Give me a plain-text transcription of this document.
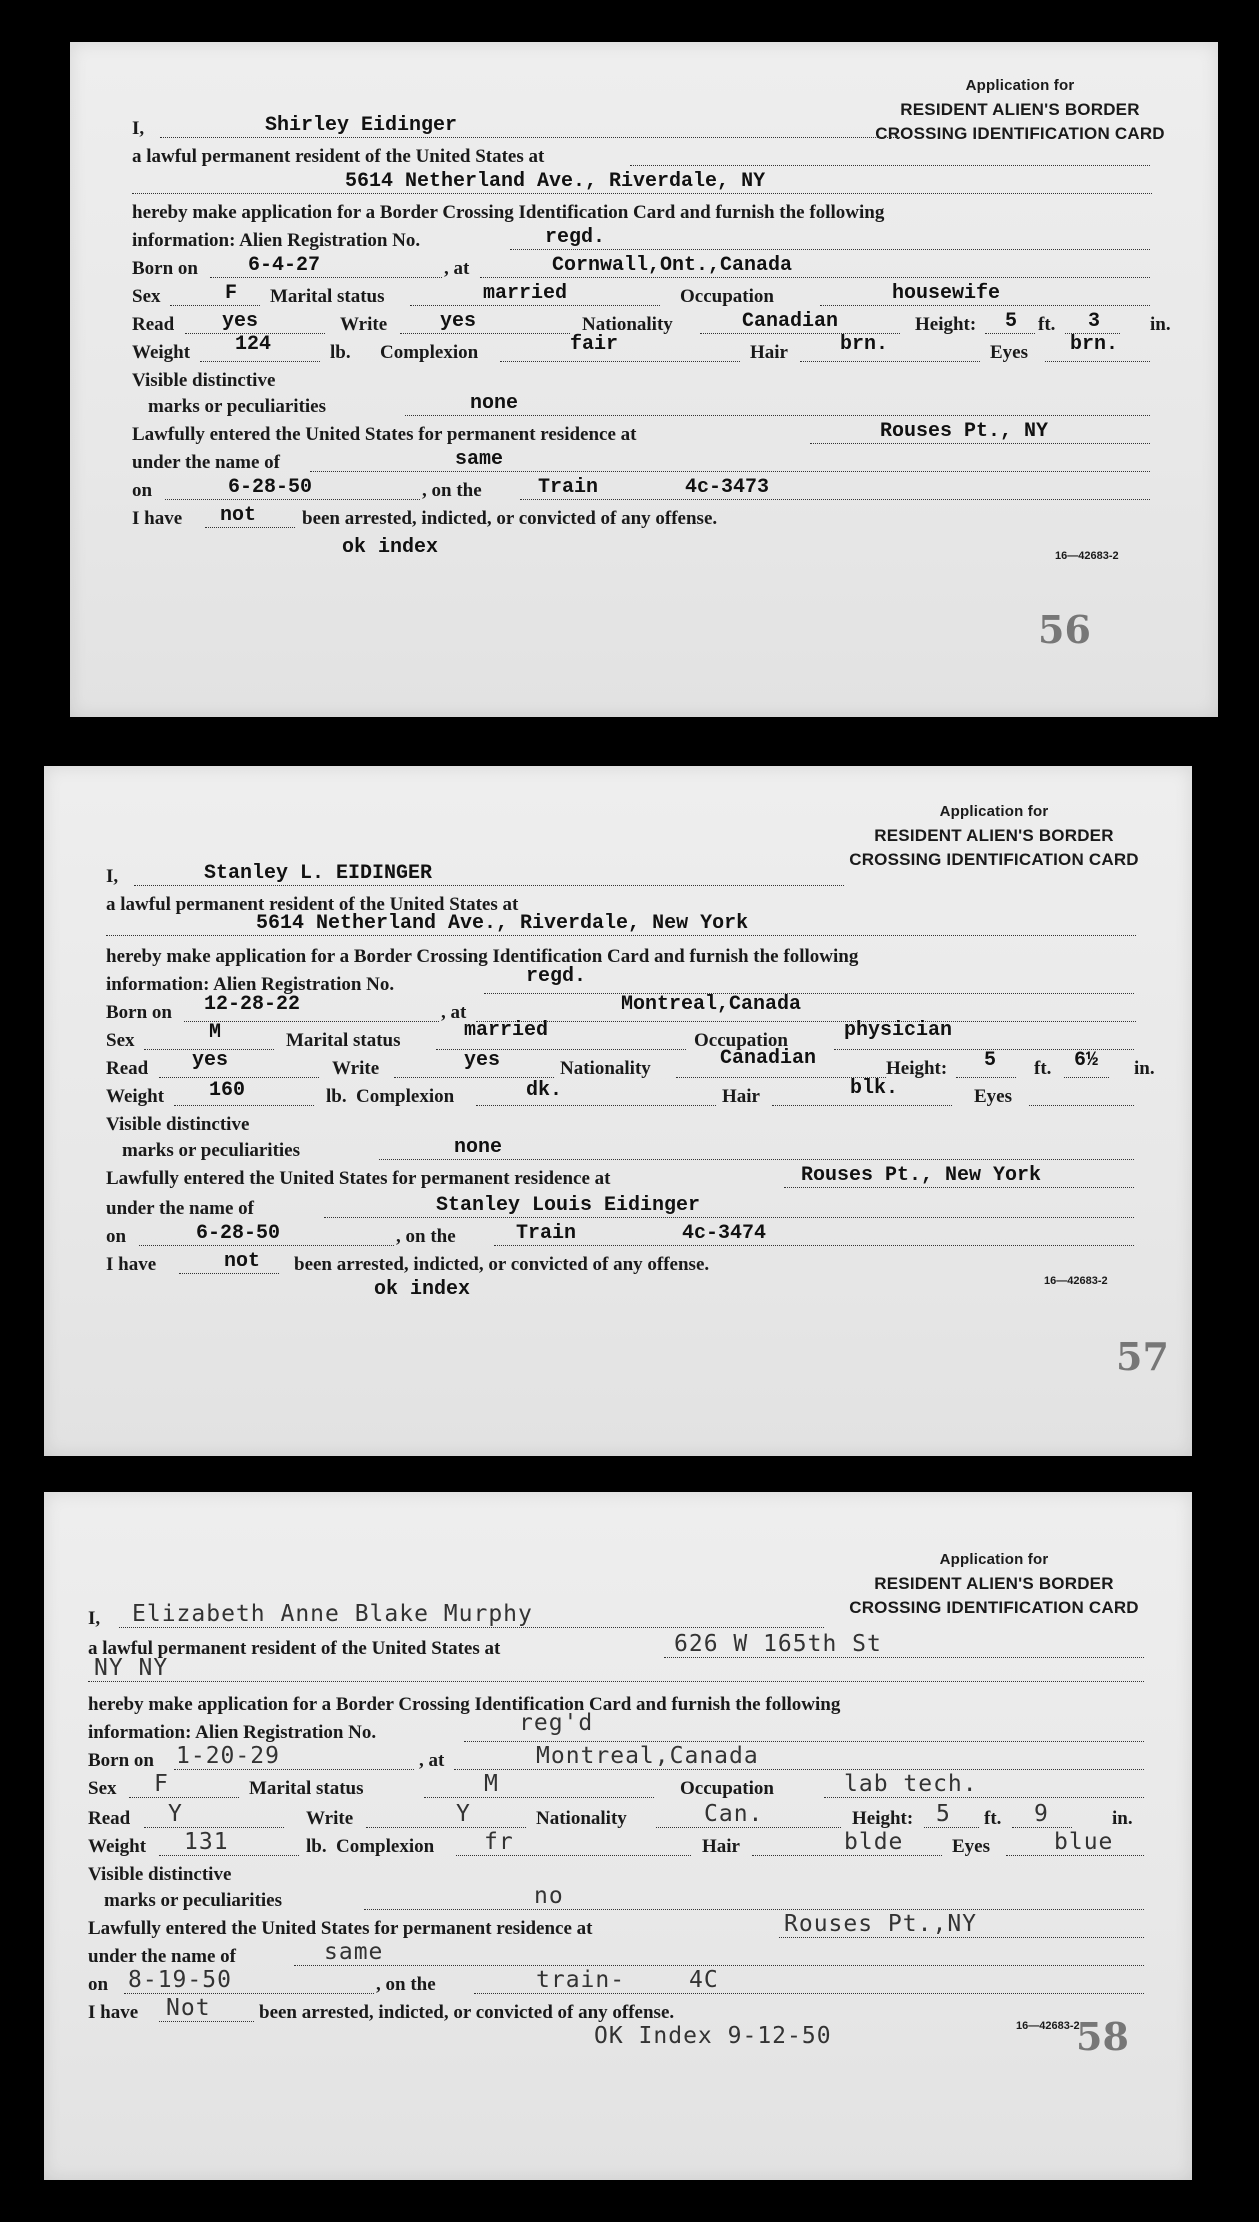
Application for
RESIDENT ALIEN'S BORDER
CROSSING IDENTIFICATION CARD
I,	Shirley Eidinger
a lawful permanent resident of the United States at
5614 Netherland Ave., Riverdale, NY
hereby make application for a Border Crossing Identification Card and furnish the following
information: Alien Registration No.	regd.
Born on	6-4-27	, at	Cornwall,Ont.,Canada
Sex	F Marital status	married	Occupation	housewife
Read yes	Write	yes	Nationality	Canadian	Height: 5 ft. 3	in.
Weight 124	lb. Complexion	fair	Hair	brn.	Eyes brn.
Visible distinctive
marks or peculiarities	none
Lawfully entered the United States for permanent residence at	Rouses Pt., NY
under the name of	same
on	6-28-50	, on the	Train	4c-3473
I have not been arrested, indicted, or convicted of any offense.
16—42683-2
ok index
56
Application for
RESIDENT ALIEN'S BORDER
CROSSING IDENTIFICATION CARD
I,	Stanley L. EIDINGER
a lawful permanent resident of the United States at
5614 Netherland Ave., Riverdale, New York
hereby make application for a Border Crossing Identification Card and furnish the following
information: Alien Registration No.	regd.
Born on 12-28-22	, at	Montreal,Canada
Sex	M	Marital status	married	Occupation	physician
Read yes	Write	yes	Nationality	Canadian	Height: 5 ft. 6½ in.
Weight 160	lb. Complexion	dk.	Hair	blk.	Eyes
Visible distinctive
marks or peculiarities	none
Lawfully entered the United States for permanent residence at	Rouses Pt., New York
under the name of	Stanley Louis Eidinger
on	6-28-50	, on the	Train	4c-3474
I have	not been arrested, indicted, or convicted of any offense.
16—42683-2
ok index
57
Application for
RESIDENT ALIEN'S BORDER
CROSSING IDENTIFICATION CARD
I, Elizabeth Anne Blake Murphy
a lawful permanent resident of the United States at	626 W 165th St
NY NY
hereby make application for a Border Crossing Identification Card and furnish the following
information: Alien Registration No.	reg'd
Born on 1-20-29	, at	Montreal,Canada
Sex F	Marital status	M	Occupation	lab tech.
Read Y	Write	Y	Nationality	Can.	Height: 5 ft. 9	in.
Weight 131	lb. Complexion fr	Hair	blde	Eyes	blue
Visible distinctive
marks or peculiarities	no
Lawfully entered the United States for permanent residence at	Rouses Pt.,NY
under the name of	same
on 8-19-50	, on the	train-	4C
I have Not	been arrested, indicted, or convicted of any offense.
OK Index 9-12-50	16—42683-2
58
